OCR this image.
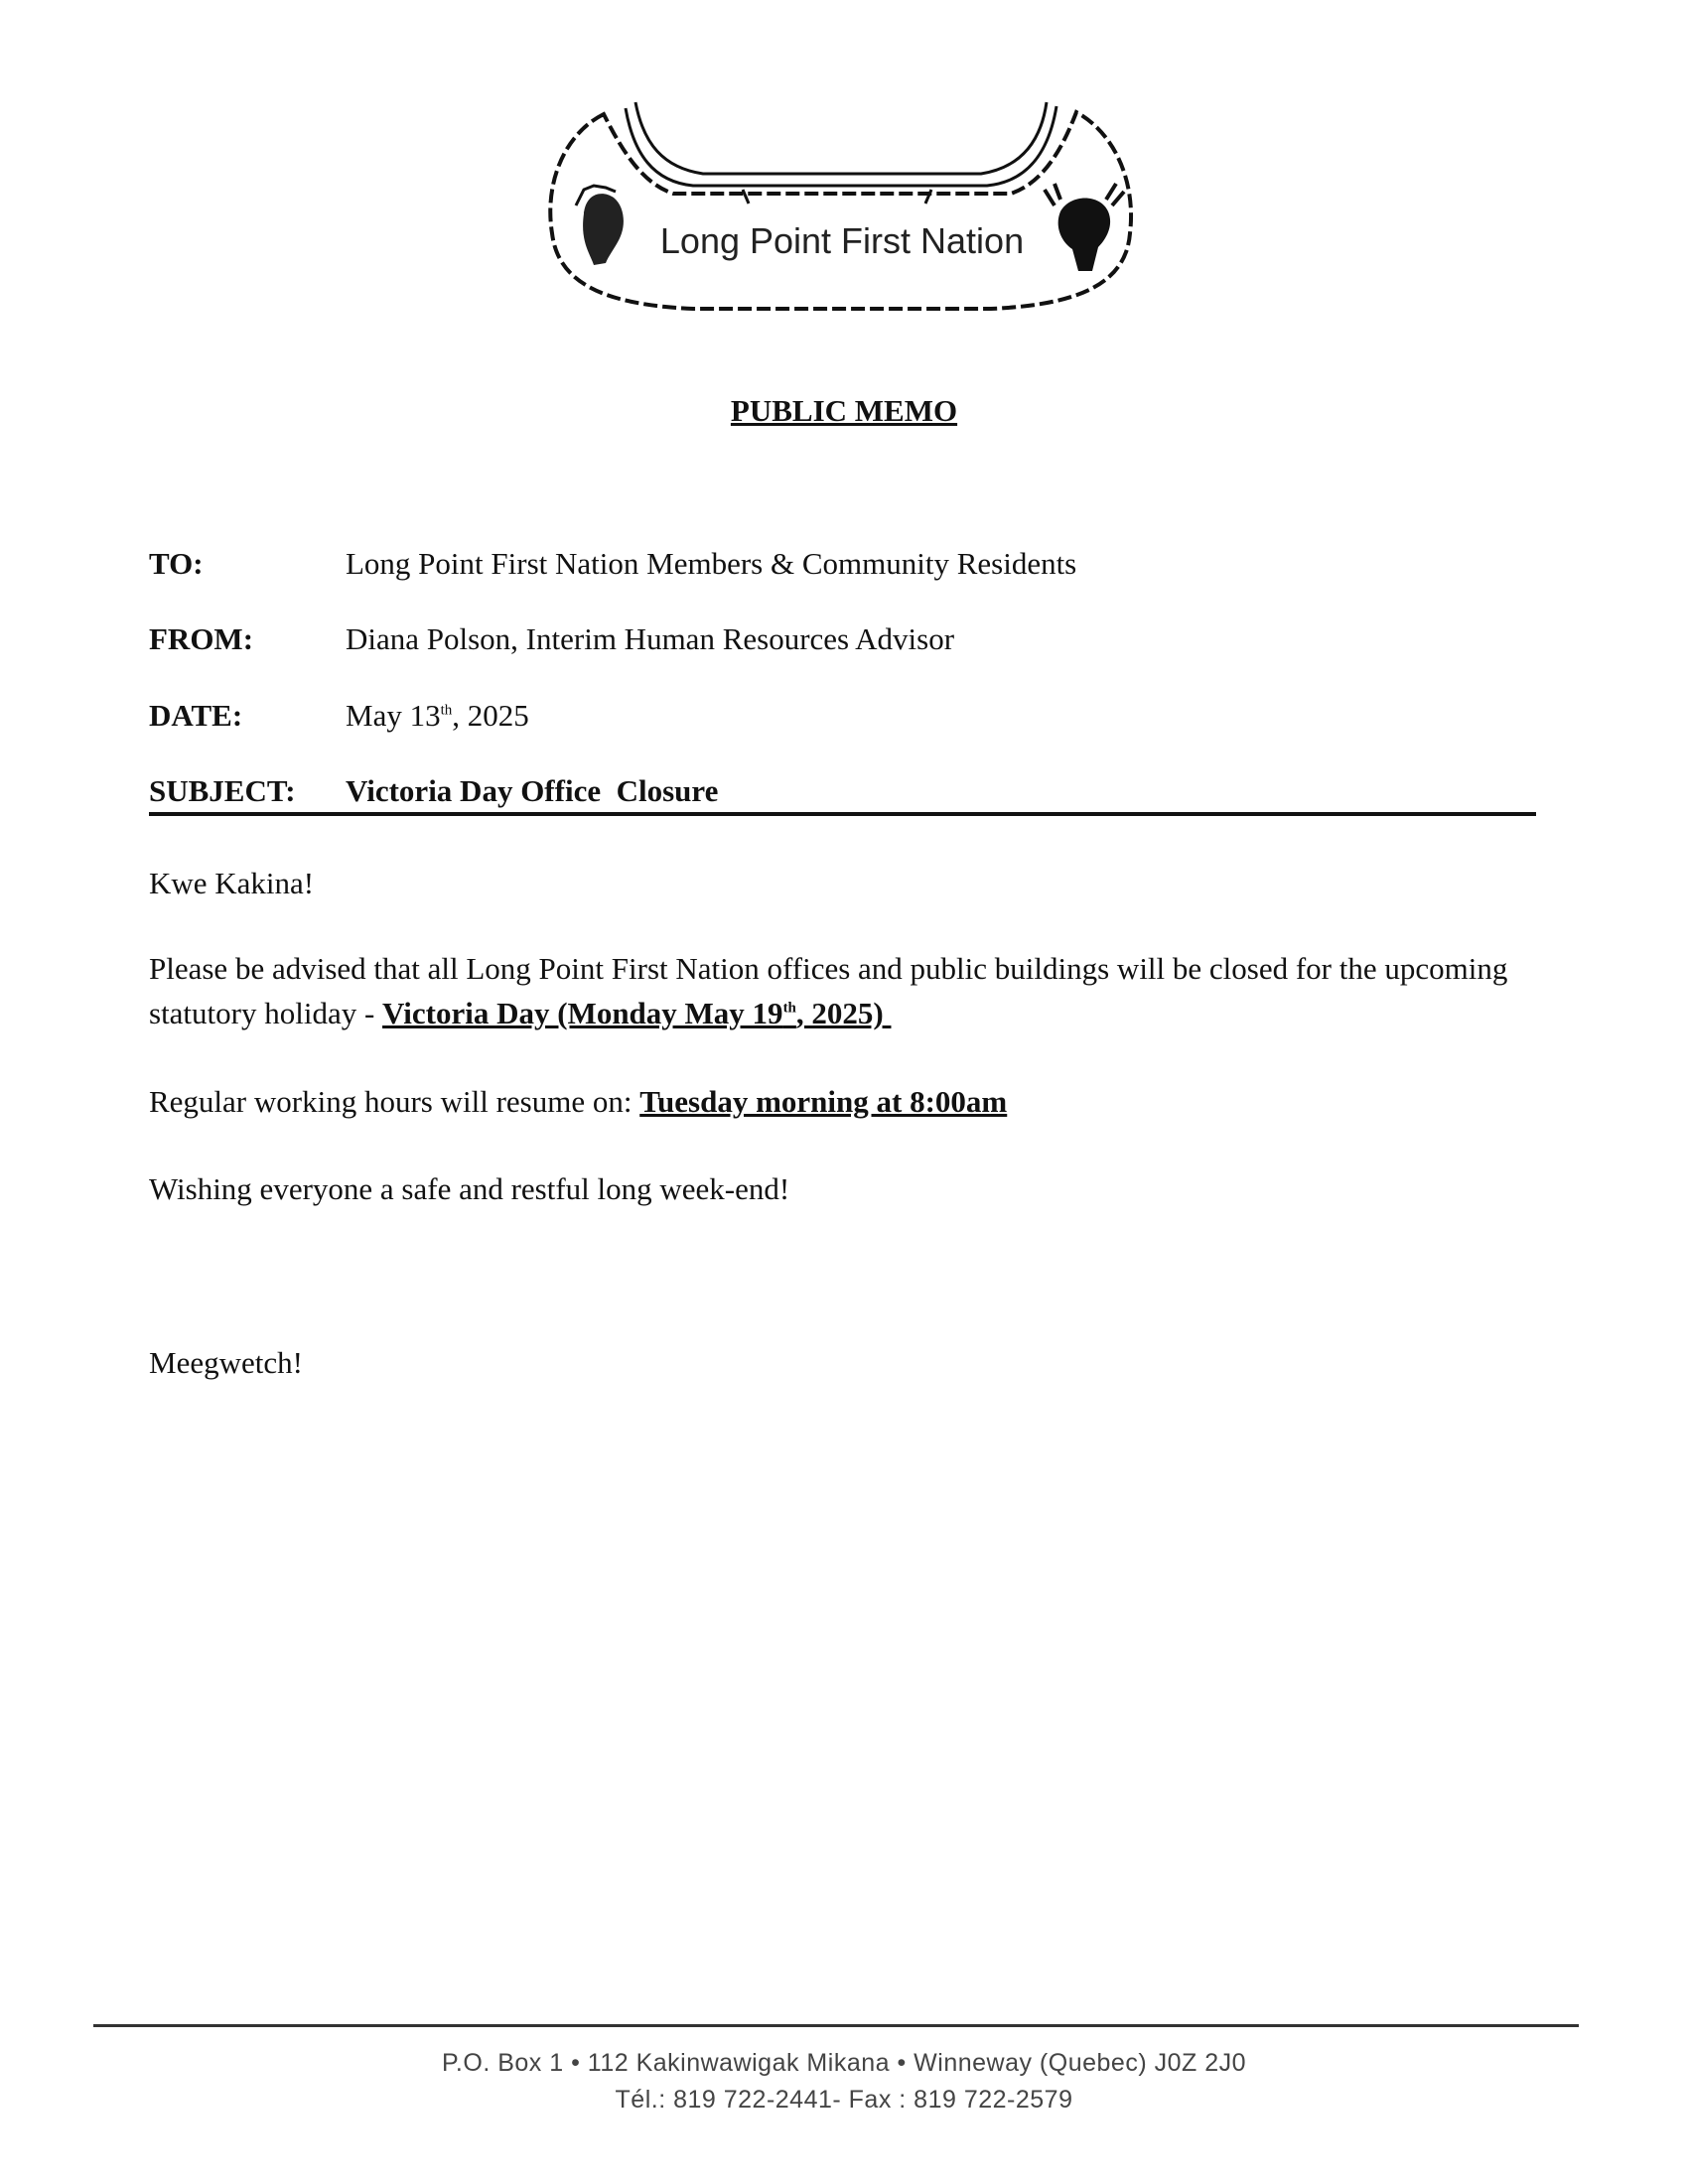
Long Point First Nation
PUBLIC MEMO
TO:	Long Point First Nation Members & Community Residents
FROM:	Diana Polson, Interim Human Resources Advisor
DATE:	May 13th, 2025
SUBJECT: Victoria Day Office  Closure
Kwe Kakina!
Please be advised that all Long Point First Nation offices and public buildings will be closed for the upcoming statutory holiday - Victoria Day (Monday May 19th, 2025)
Regular working hours will resume on: Tuesday morning at 8:00am
Wishing everyone a safe and restful long week-end!
Meegwetch!
P.O. Box 1 • 112 Kakinwawigak Mikana • Winneway (Quebec) J0Z 2J0
Tél.: 819 722-2441- Fax : 819 722-2579
